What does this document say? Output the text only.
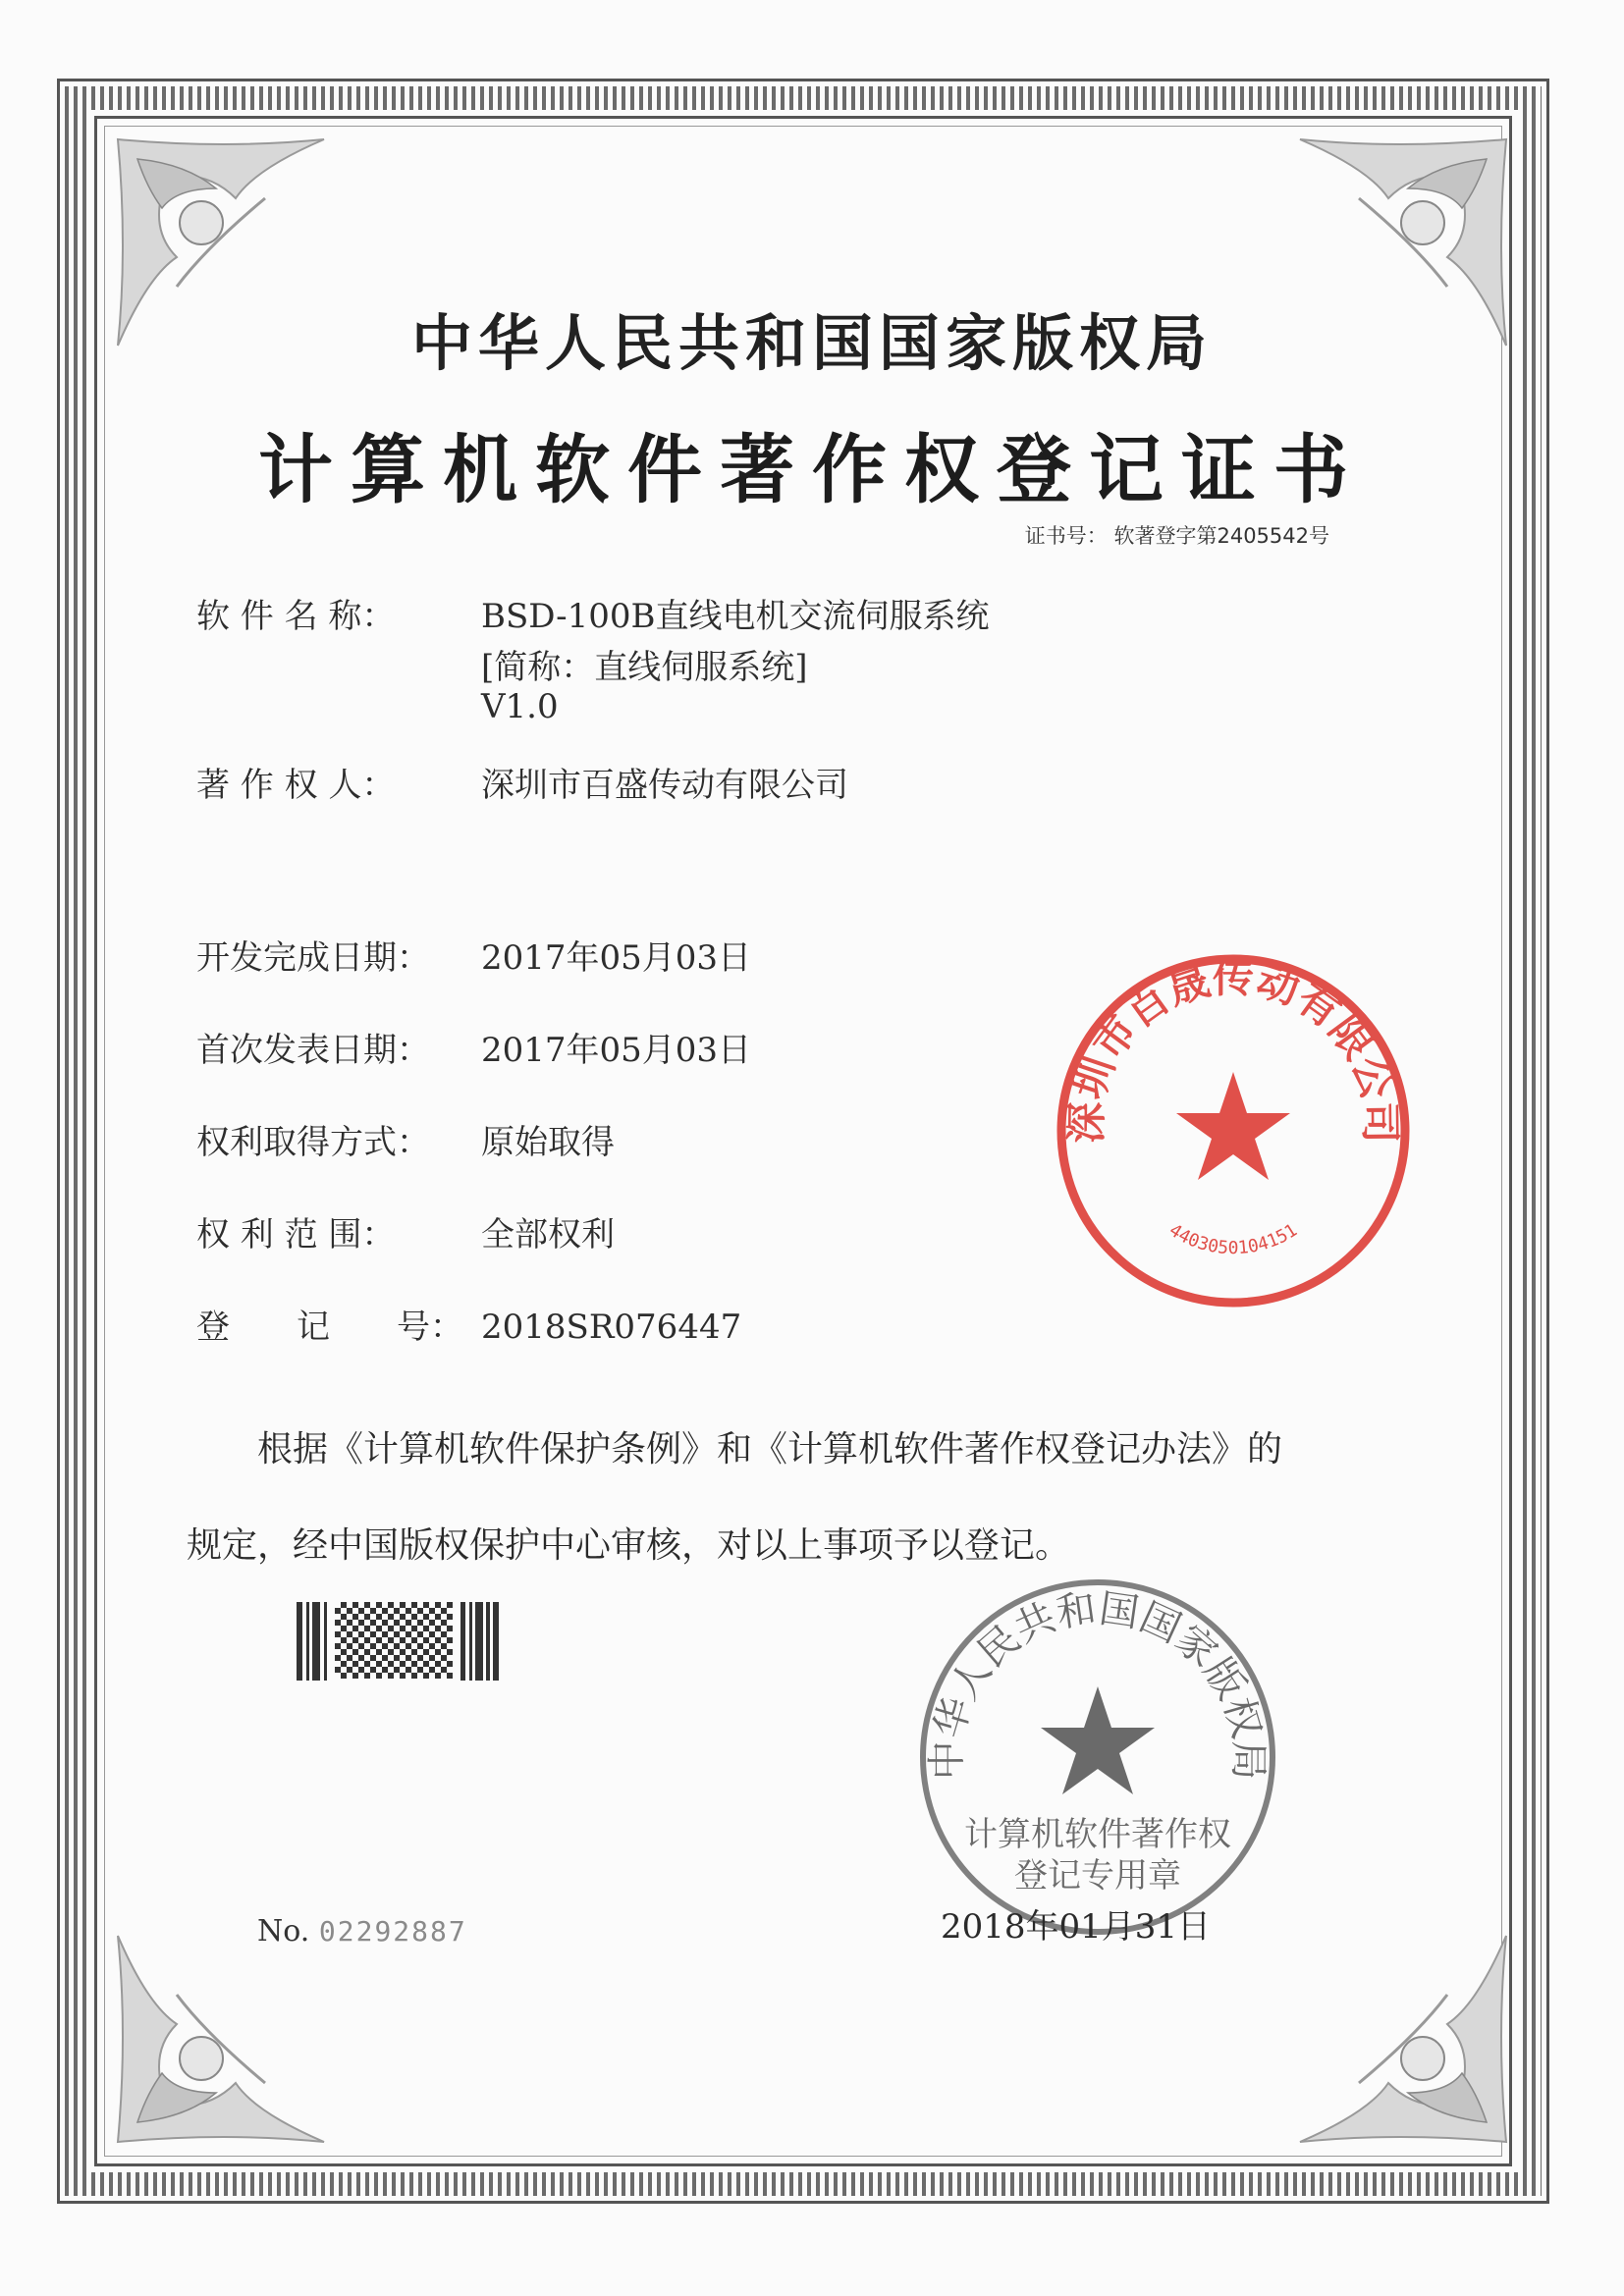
中华人民共和国国家版权局
计算机软件著作权登记证书
证书号： 软著登字第2405542号
软 件 名 称：	BSD-100B直线电机交流伺服系统
[简称：直线伺服系统]
V1.0
著 作 权 人：	深圳市百盛传动有限公司
开发完成日期： 2017年05月03日
首次发表日期： 2017年05月03日
权利取得方式： 原始取得
权 利 范 围：	全部权利
登　　记　　号： 2018SR076447
根据《计算机软件保护条例》和《计算机软件著作权登记办法》的
规定，经中国版权保护中心审核，对以上事项予以登记。
深圳市百晟传动有限公司
4403050104151
中华人民共和国国家版权局
计算机软件著作权
登记专用章
No. 02292887	2018年01月31日
